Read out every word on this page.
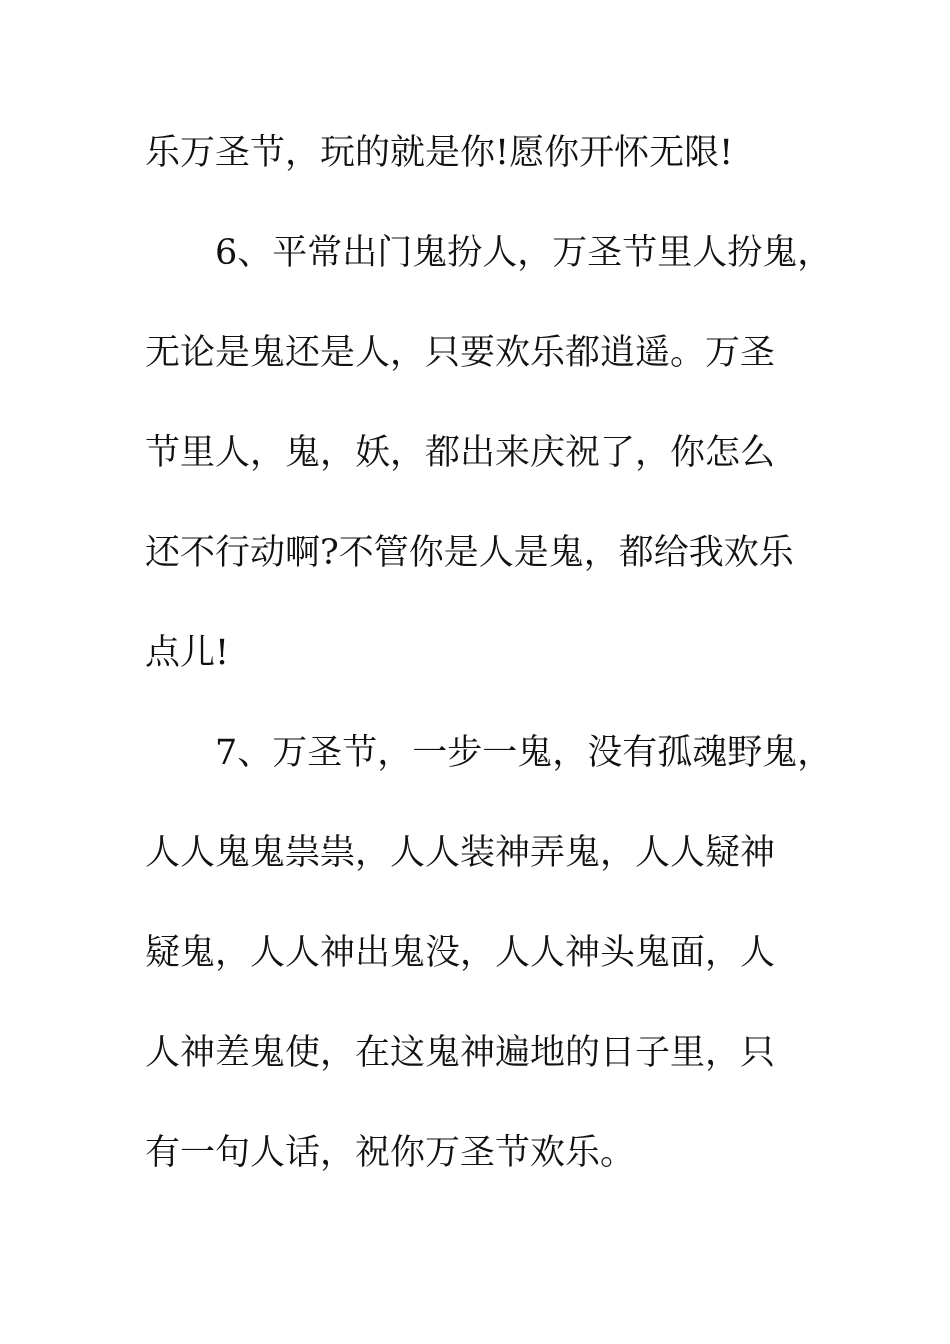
乐万圣节，玩的就是你!愿你开怀无限!
　　6、平常出门鬼扮人，万圣节里人扮鬼，
无论是鬼还是人，只要欢乐都逍遥。万圣
节里人，鬼，妖，都出来庆祝了，你怎么
还不行动啊?不管你是人是鬼，都给我欢乐
点儿!
　　7、万圣节，一步一鬼，没有孤魂野鬼，
人人鬼鬼祟祟，人人装神弄鬼，人人疑神
疑鬼，人人神出鬼没，人人神头鬼面，人
人神差鬼使，在这鬼神遍地的日子里，只
有一句人话，祝你万圣节欢乐。
